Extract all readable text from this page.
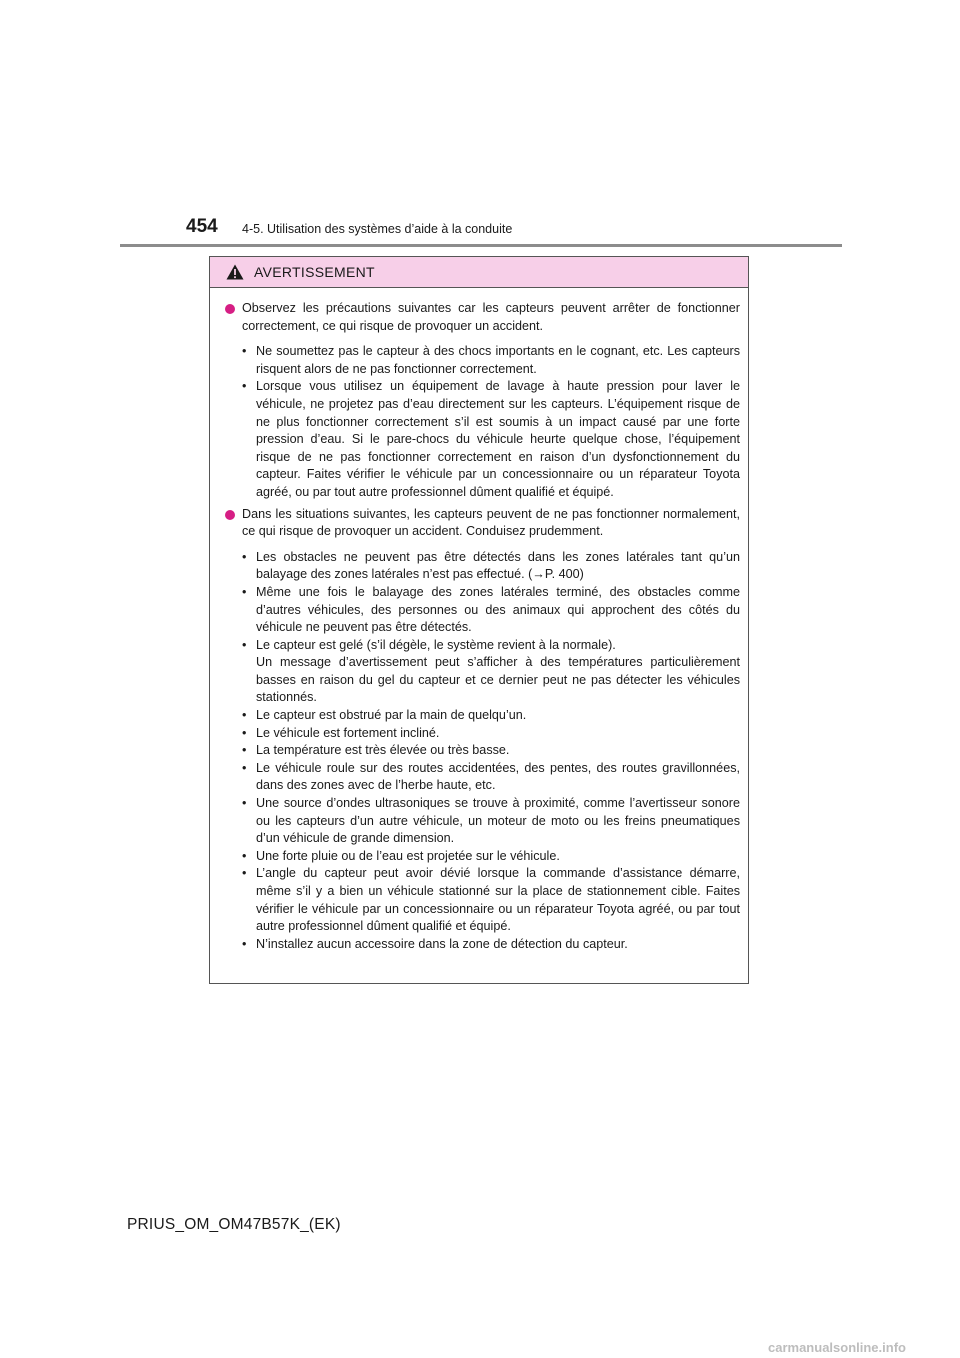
454 4-5. Utilisation des systèmes d’aide à la conduite
AVERTISSEMENT
Observez les précautions suivantes car les capteurs peuvent arrêter de fonctionner correctement, ce qui risque de provoquer un accident.
• Ne soumettez pas le capteur à des chocs importants en le cognant, etc. Les capteurs risquent alors de ne pas fonctionner correctement.
• Lorsque vous utilisez un équipement de lavage à haute pression pour laver le véhicule, ne projetez pas d’eau directement sur les capteurs. L’équipement risque de ne plus fonctionner correctement s’il est soumis à un impact causé par une forte pression d’eau. Si le pare-chocs du véhicule heurte quelque chose, l’équipement risque de ne pas fonctionner correctement en raison d’un dysfonctionnement du capteur. Faites vérifier le véhicule par un concessionnaire ou un réparateur Toyota agréé, ou par tout autre professionnel dûment qualifié et équipé.
Dans les situations suivantes, les capteurs peuvent de ne pas fonctionner normalement, ce qui risque de provoquer un accident. Conduisez prudemment.
• Les obstacles ne peuvent pas être détectés dans les zones latérales tant qu’un balayage des zones latérales n’est pas effectué. (→P. 400)
• Même une fois le balayage des zones latérales terminé, des obstacles comme d’autres véhicules, des personnes ou des animaux qui approchent des côtés du véhicule ne peuvent pas être détectés.
• Le capteur est gelé (s’il dégèle, le système revient à la normale).
Un message d’avertissement peut s’afficher à des températures particulièrement basses en raison du gel du capteur et ce dernier peut ne pas détecter les véhicules stationnés.
• Le capteur est obstrué par la main de quelqu’un.
• Le véhicule est fortement incliné.
• La température est très élevée ou très basse.
• Le véhicule roule sur des routes accidentées, des pentes, des routes gravillonnées, dans des zones avec de l’herbe haute, etc.
• Une source d’ondes ultrasoniques se trouve à proximité, comme l’avertisseur sonore ou les capteurs d’un autre véhicule, un moteur de moto ou les freins pneumatiques d’un véhicule de grande dimension.
• Une forte pluie ou de l’eau est projetée sur le véhicule.
• L’angle du capteur peut avoir dévié lorsque la commande d’assistance démarre, même s’il y a bien un véhicule stationné sur la place de stationnement cible. Faites vérifier le véhicule par un concessionnaire ou un réparateur Toyota agréé, ou par tout autre professionnel dûment qualifié et équipé.
• N’installez aucun accessoire dans la zone de détection du capteur.
PRIUS_OM_OM47B57K_(EK)
carmanualsonline.info
